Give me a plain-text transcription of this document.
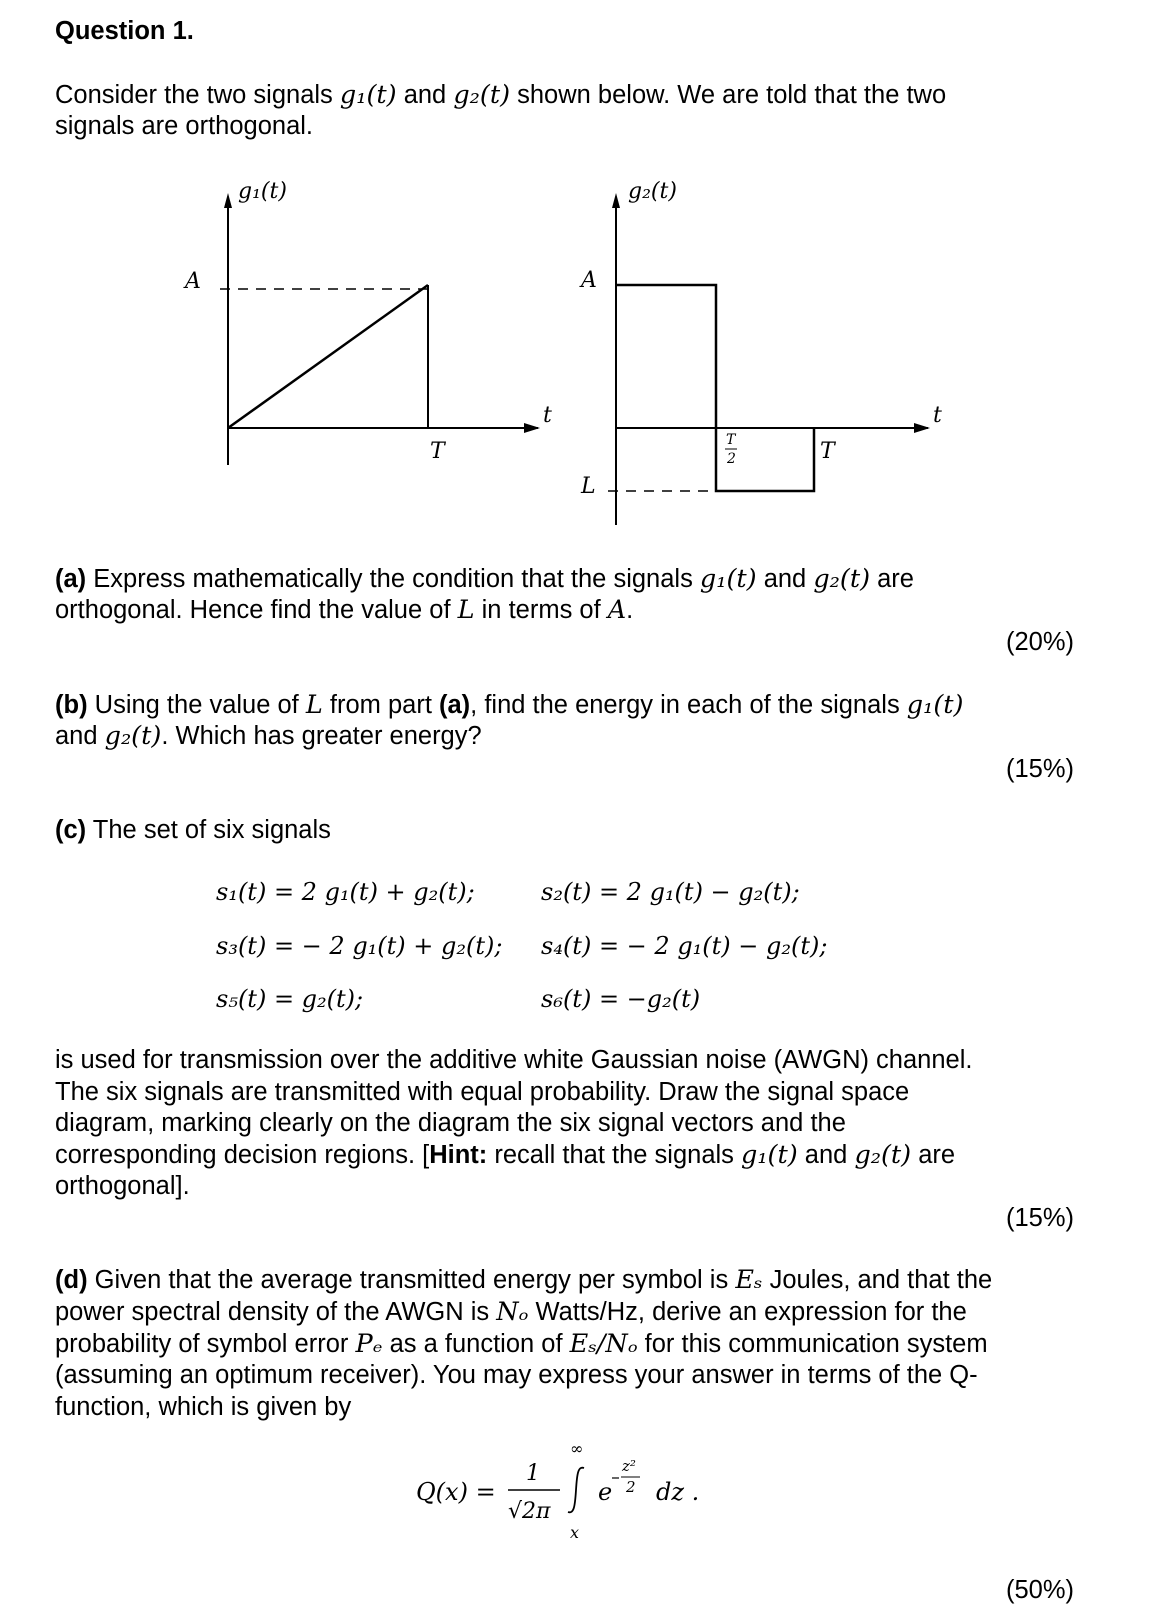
Question 1.
Consider the two signals g₁(t) and g₂(t) shown below. We are told that the two
signals are orthogonal.
g₁(t)
A
T
t
g₂(t)
A
L
T
2	T
t
(a) Express mathematically the condition that the signals g₁(t) and g₂(t) are
orthogonal. Hence find the value of L in terms of A.
(20%)
(b) Using the value of L from part (a), find the energy in each of the signals g₁(t)
and g₂(t). Which has greater energy?
(15%)
(c) The set of six signals
s₁(t) = 2 g₁(t) + g₂(t);	s₂(t) = 2 g₁(t) − g₂(t);
s₃(t) = − 2 g₁(t) + g₂(t); s₄(t) = − 2 g₁(t) − g₂(t);
s₅(t) = g₂(t);	s₆(t) = −g₂(t)
is used for transmission over the additive white Gaussian noise (AWGN) channel.
The six signals are transmitted with equal probability. Draw the signal space
diagram, marking clearly on the diagram the six signal vectors and the
corresponding decision regions. [Hint: recall that the signals g₁(t) and g₂(t) are
orthogonal].
(15%)
(d) Given that the average transmitted energy per symbol is Eₛ Joules, and that the
power spectral density of the AWGN is Nₒ Watts/Hz, derive an expression for the
probability of symbol error Pₑ as a function of Eₛ/Nₒ for this communication system
(assuming an optimum receiver). You may express your answer in terms of the Q-
function, which is given by
Q(x) =
1
√2π
∞
x
e
z²
2 dz .
(50%)
